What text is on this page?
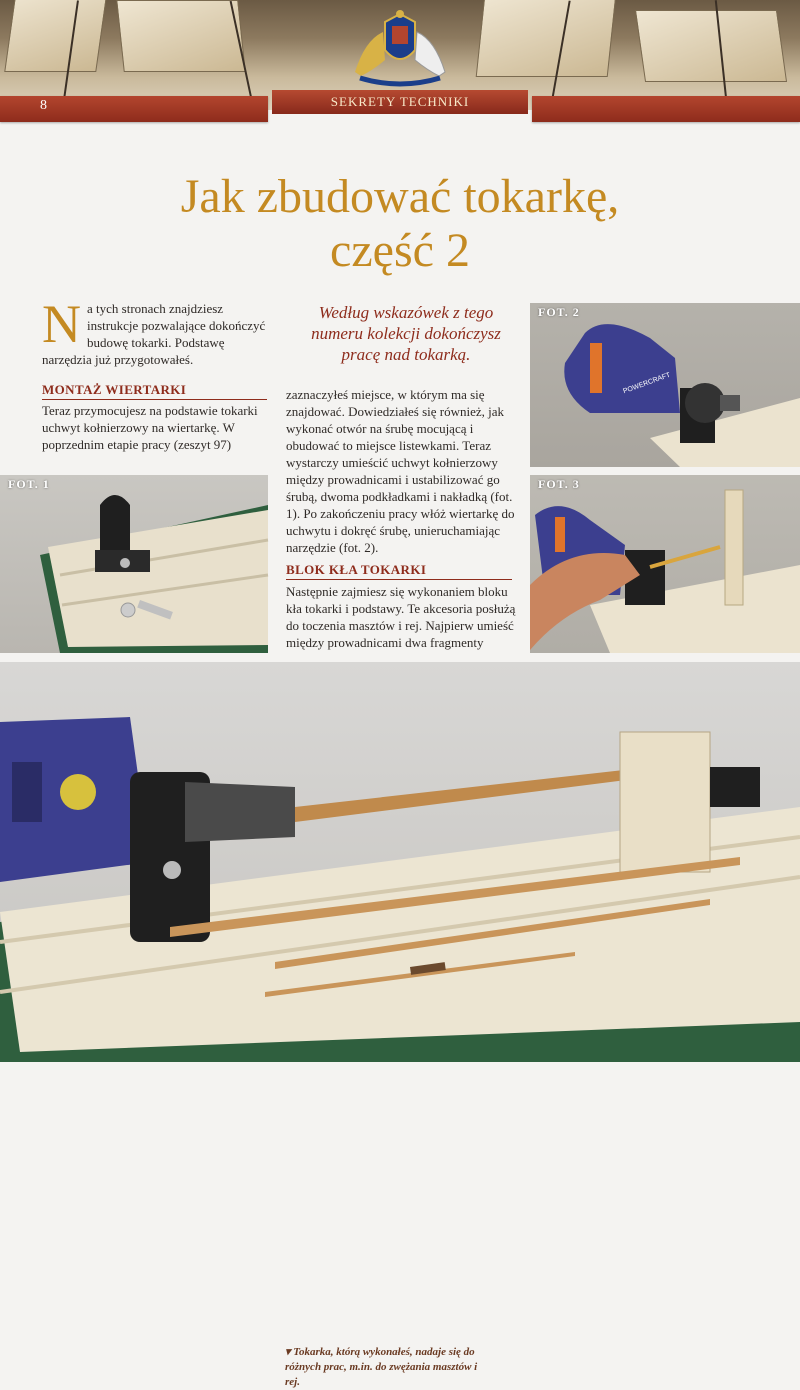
SEKRETY TECHNIKI
8
Jak zbudować tokarkę,
część 2
N a tych stronach znajdziesz instrukcje pozwalające dokończyć budowę tokarki. Podstawę narzędzia już przygotowałeś.
MONTAŻ WIERTARKI
Teraz przymocujesz na podstawie tokarki uchwyt kołnierzowy na wiertarkę. W poprzednim etapie pracy (zeszyt 97)
Według wskazówek z tego numeru kolekcji dokończysz pracę nad tokarką.
zaznaczyłeś miejsce, w którym ma się znajdować. Dowiedziałeś się również, jak wykonać otwór na śrubę mocującą i obudować to miejsce listewkami. Teraz wystarczy umieścić uchwyt kołnierzowy między prowadnicami i ustabilizować go śrubą, dwoma podkładkami i nakładką (fot. 1). Po zakończeniu pracy włóż wiertarkę do uchwytu i dokręć śrubę, unieruchamiając narzędzie (fot. 2).
BLOK KŁA TOKARKI
Następnie zajmiesz się wykonaniem bloku kła tokarki i podstawy. Te akcesoria posłużą do toczenia masztów i rej. Najpierw umieść między prowadnicami dwa fragmenty
FOT. 1
POWERCRAFT
FOT. 2
FOT. 3
▾ Tokarka, którą wykonałeś, nadaje się do różnych prac, m.in. do zwężania masztów i rej.
